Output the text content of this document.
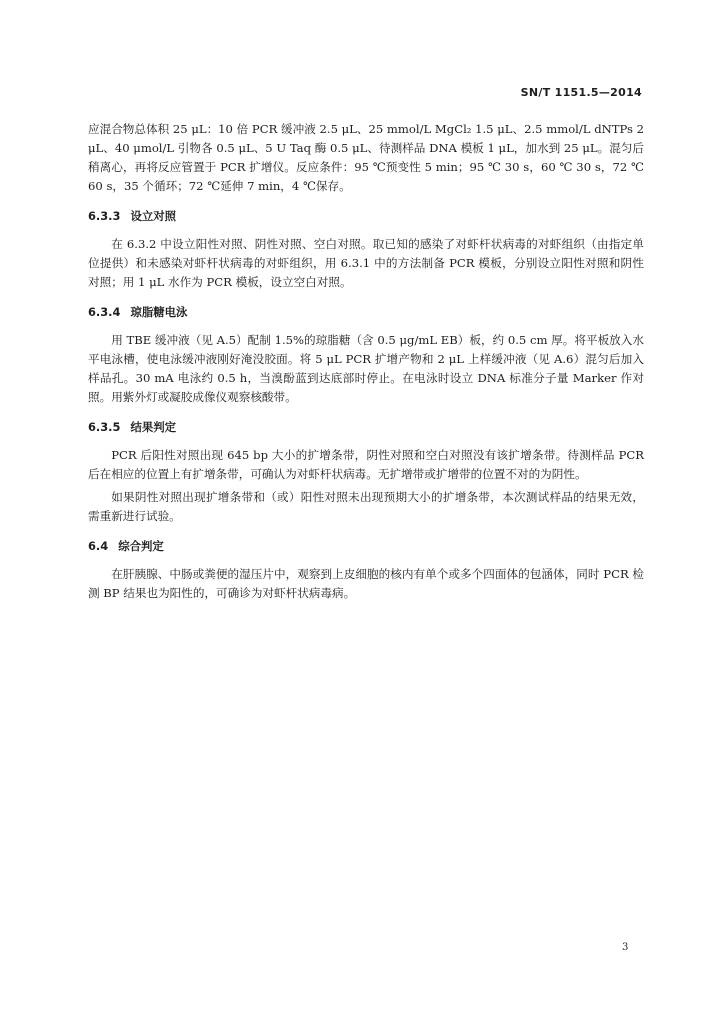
SN/T 1151.5—2014

应混合物总体积 25 μL：10 倍 PCR 缓冲液 2.5 μL、25 mmol/L MgCl₂ 1.5 μL、2.5 mmol/L dNTPs 2 μL、40 μmol/L 引物各 0.5 μL、5 U Taq 酶 0.5 μL、待测样品 DNA 模板 1 μL，加水到 25 μL。混匀后稍离心，再将反应管置于 PCR 扩增仪。反应条件：95 ℃预变性 5 min；95 ℃ 30 s，60 ℃ 30 s，72 ℃ 60 s，35 个循环；72 ℃延伸 7 min，4 ℃保存。

6.3.3 设立对照

在 6.3.2 中设立阳性对照、阴性对照、空白对照。取已知的感染了对虾杆状病毒的对虾组织（由指定单位提供）和未感染对虾杆状病毒的对虾组织，用 6.3.1 中的方法制备 PCR 模板，分别设立阳性对照和阴性对照；用 1 μL 水作为 PCR 模板，设立空白对照。

6.3.4 琼脂糖电泳

用 TBE 缓冲液（见 A.5）配制 1.5%的琼脂糖（含 0.5 μg/mL EB）板，约 0.5 cm 厚。将平板放入水平电泳槽，使电泳缓冲液刚好淹没胶面。将 5 μL PCR 扩增产物和 2 μL 上样缓冲液（见 A.6）混匀后加入样品孔。30 mA 电泳约 0.5 h，当溴酚蓝到达底部时停止。在电泳时设立 DNA 标准分子量 Marker 作对照。用紫外灯或凝胶成像仪观察核酸带。

6.3.5 结果判定

PCR 后阳性对照出现 645 bp 大小的扩增条带，阴性对照和空白对照没有该扩增条带。待测样品 PCR 后在相应的位置上有扩增条带，可确认为对虾杆状病毒。无扩增带或扩增带的位置不对的为阴性。

如果阴性对照出现扩增条带和（或）阳性对照未出现预期大小的扩增条带，本次测试样品的结果无效，需重新进行试验。

6.4 综合判定

在肝胰腺、中肠或粪便的湿压片中，观察到上皮细胞的核内有单个或多个四面体的包涵体，同时 PCR 检测 BP 结果也为阳性的，可确诊为对虾杆状病毒病。

3
